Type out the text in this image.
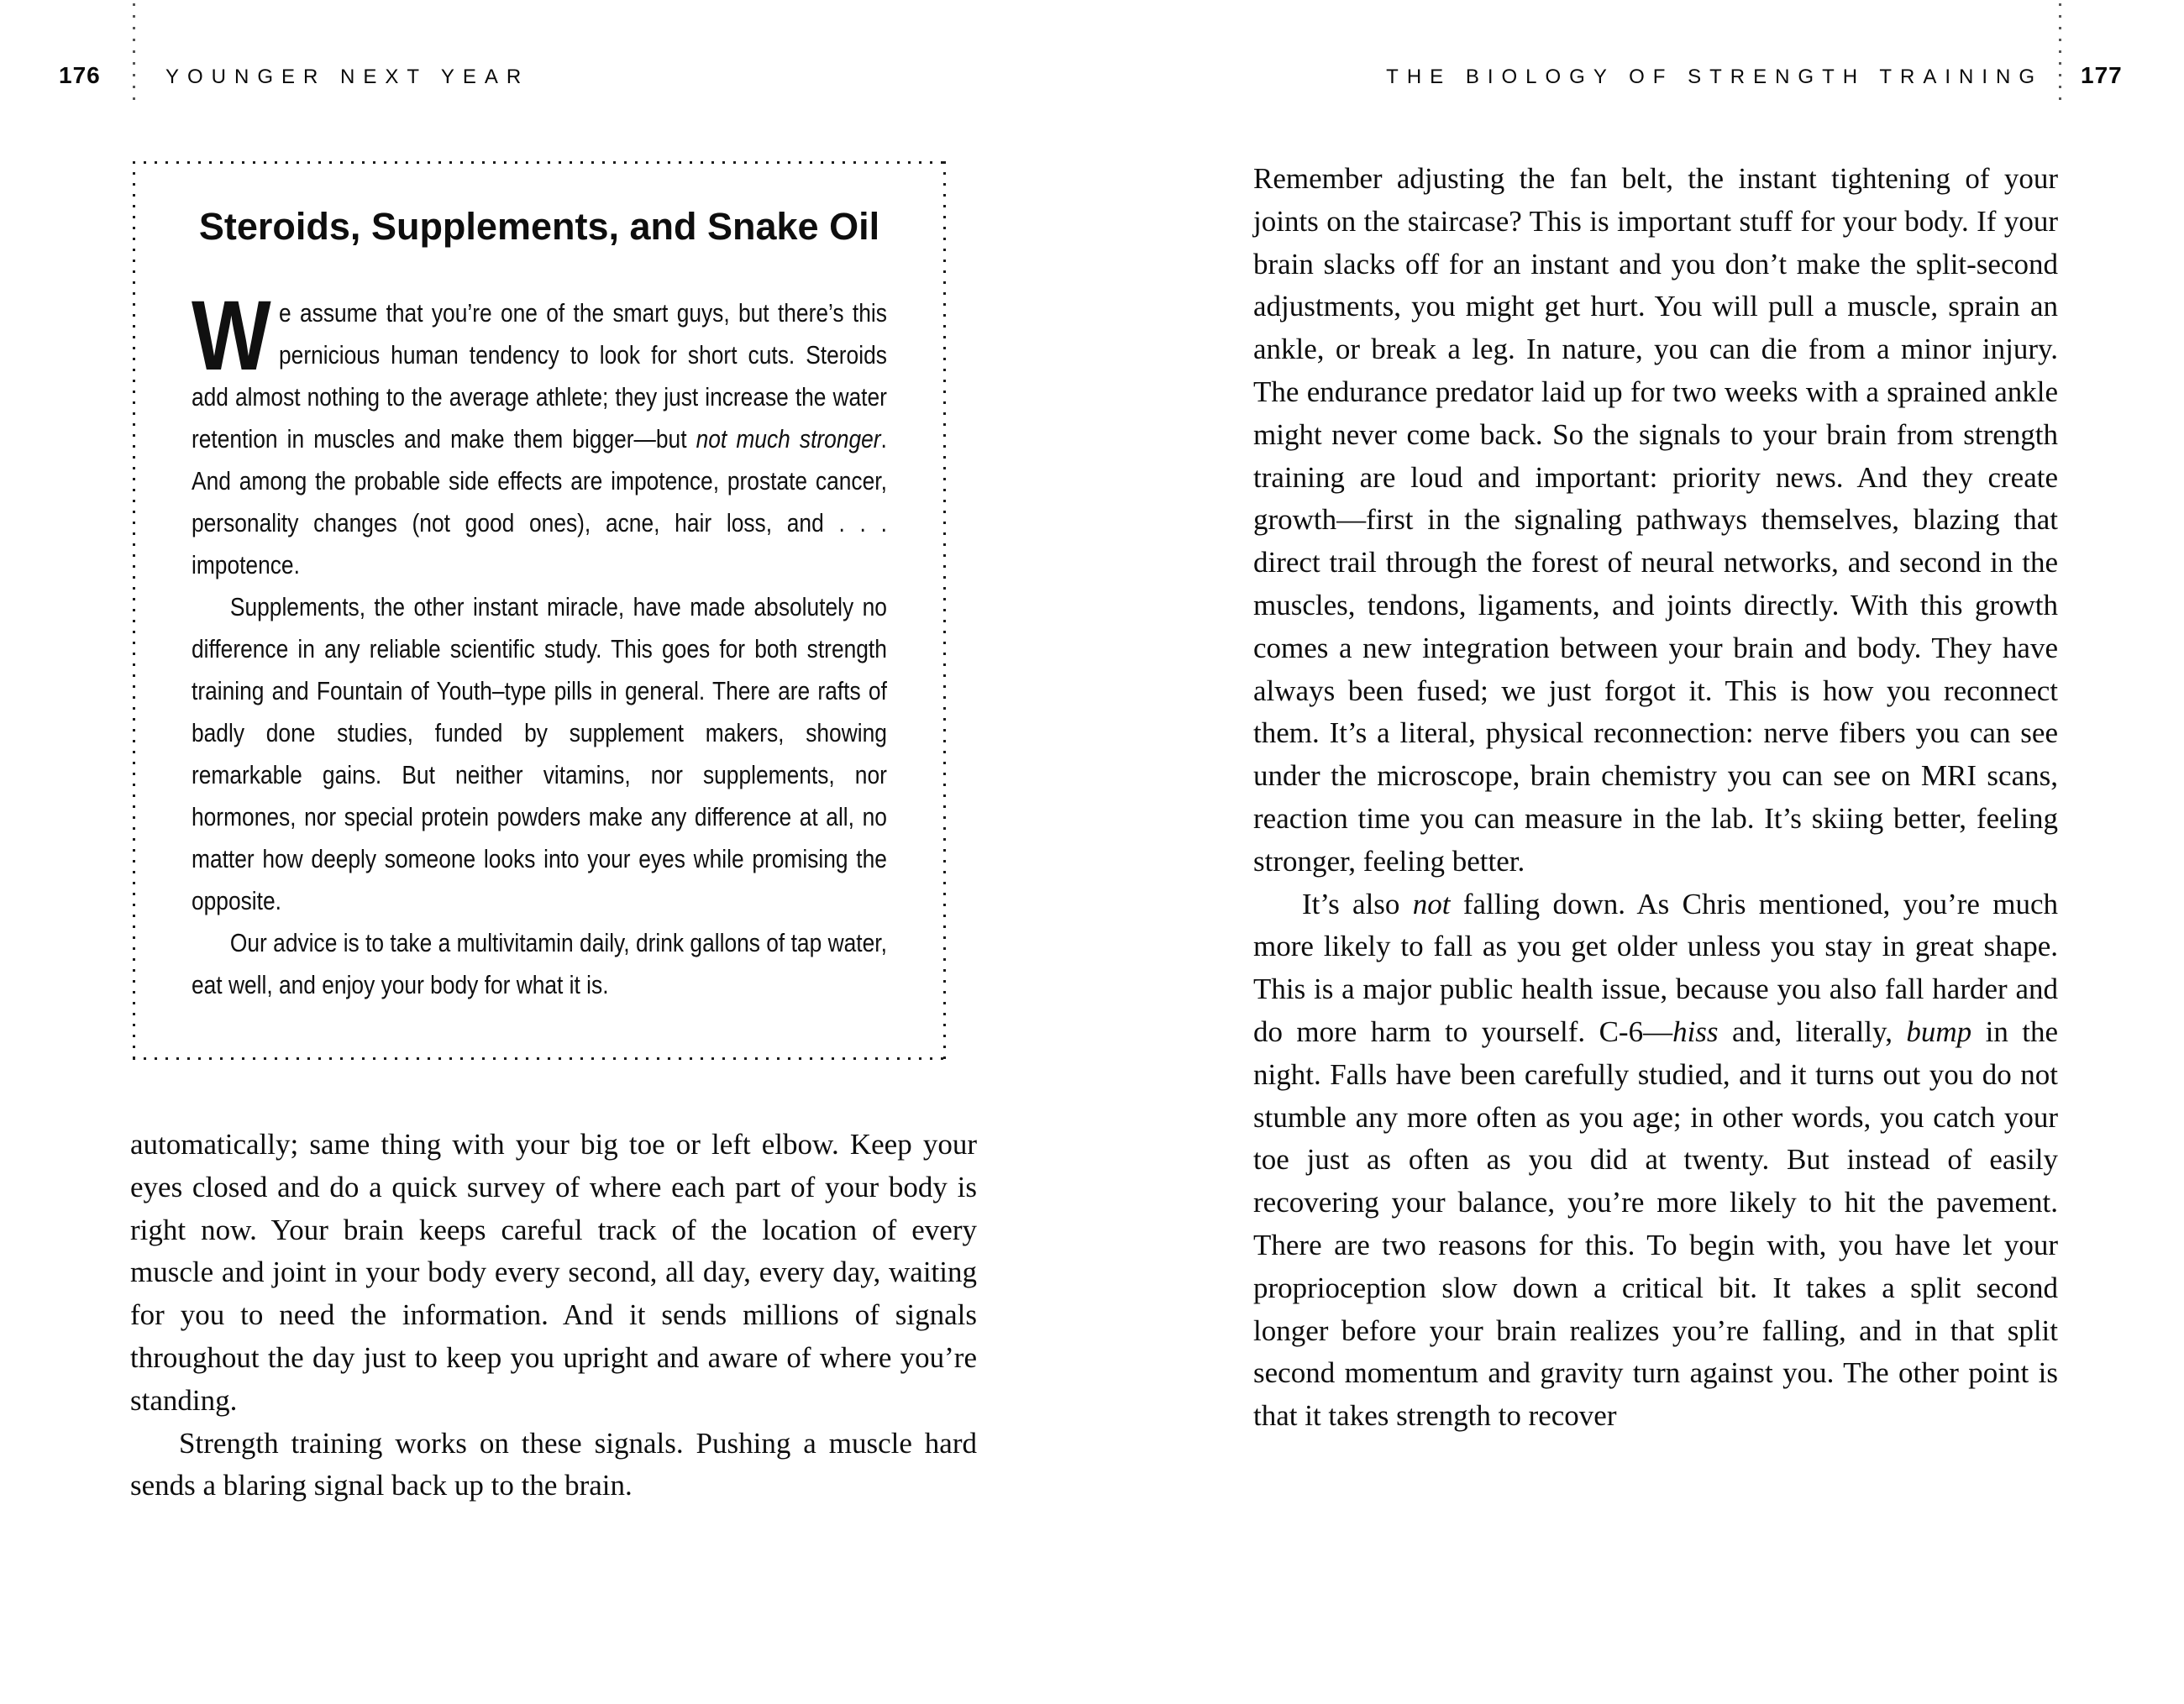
176	YOUNGER NEXT YEAR	THE BIOLOGY OF STRENGTH TRAINING 177
Steroids, Supplements, and Snake Oil

We assume that you’re one of the smart guys, but there’s this pernicious human tendency to look for short cuts. Steroids add almost nothing to the average athlete; they just increase the water retention in muscles and make them bigger—but not much stronger. And among the probable side effects are impotence, prostate cancer, personality changes (not good ones), acne, hair loss, and . . . impotence.

Supplements, the other instant miracle, have made absolutely no difference in any reliable scientific study. This goes for both strength training and Fountain of Youth–type pills in general. There are rafts of badly done studies, funded by supplement makers, showing remarkable gains. But neither vitamins, nor supplements, nor hormones, nor special protein powders make any difference at all, no matter how deeply someone looks into your eyes while promising the opposite.

Our advice is to take a multivitamin daily, drink gallons of tap water, eat well, and enjoy your body for what it is.

automatically; same thing with your big toe or left elbow. Keep your eyes closed and do a quick survey of where each part of your body is right now. Your brain keeps careful track of the location of every muscle and joint in your body every second, all day, every day, waiting for you to need the information. And it sends millions of signals throughout the day just to keep you upright and aware of where you’re standing.

Strength training works on these signals. Pushing a muscle hard sends a blaring signal back up to the brain.

Remember adjusting the fan belt, the instant tightening of your joints on the staircase? This is important stuff for your body. If your brain slacks off for an instant and you don’t make the split-second adjustments, you might get hurt. You will pull a muscle, sprain an ankle, or break a leg. In nature, you can die from a minor injury. The endurance predator laid up for two weeks with a sprained ankle might never come back. So the signals to your brain from strength training are loud and important: priority news. And they create growth—first in the signaling pathways themselves, blazing that direct trail through the forest of neural networks, and second in the muscles, tendons, ligaments, and joints directly. With this growth comes a new integration between your brain and body. They have always been fused; we just forgot it. This is how you reconnect them. It’s a literal, physical reconnection: nerve fibers you can see under the microscope, brain chemistry you can see on MRI scans, reaction time you can measure in the lab. It’s skiing better, feeling stronger, feeling better.

It’s also not falling down. As Chris mentioned, you’re much more likely to fall as you get older unless you stay in great shape. This is a major public health issue, because you also fall harder and do more harm to yourself. C-6—hiss and, literally, bump in the night. Falls have been carefully studied, and it turns out you do not stumble any more often as you age; in other words, you catch your toe just as often as you did at twenty. But instead of easily recovering your balance, you’re more likely to hit the pavement. There are two reasons for this. To begin with, you have let your proprioception slow down a critical bit. It takes a split second longer before your brain realizes you’re falling, and in that split second momentum and gravity turn against you. The other point is that it takes strength to recover
